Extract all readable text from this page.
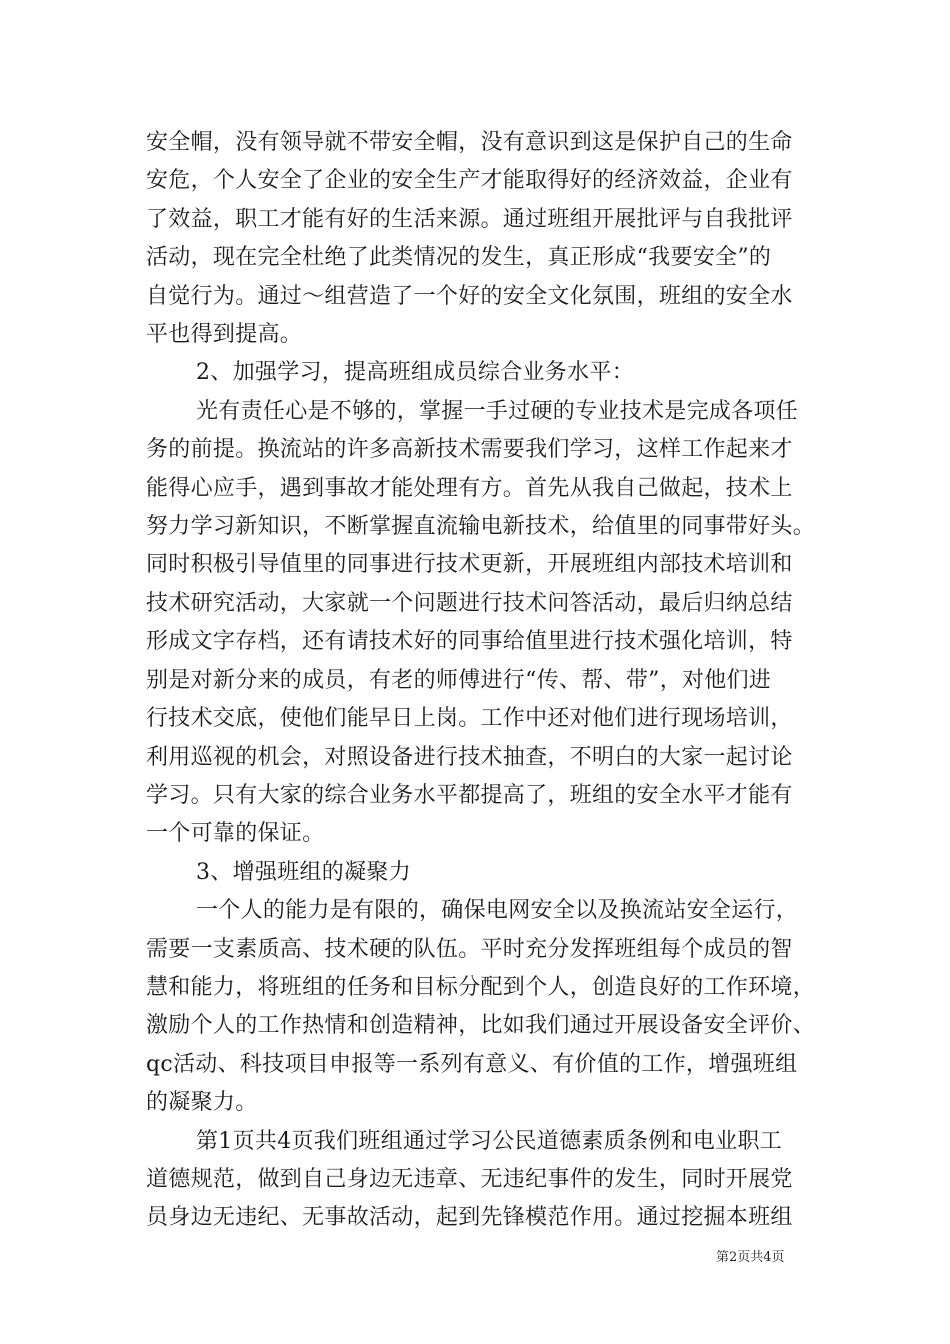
安全帽，没有领导就不带安全帽，没有意识到这是保护自己的生命
安危，个人安全了企业的安全生产才能取得好的经济效益，企业有
了效益，职工才能有好的生活来源。通过班组开展批评与自我批评
活动，现在完全杜绝了此类情况的发生，真正形成“我要安全”的
自觉行为。通过～组营造了一个好的安全文化氛围，班组的安全水
平也得到提高。

2、加强学习，提高班组成员综合业务水平：

光有责任心是不够的，掌握一手过硬的专业技术是完成各项任
务的前提。换流站的许多高新技术需要我们学习，这样工作起来才
能得心应手，遇到事故才能处理有方。首先从我自己做起，技术上
努力学习新知识，不断掌握直流输电新技术，给值里的同事带好头。
同时积极引导值里的同事进行技术更新，开展班组内部技术培训和
技术研究活动，大家就一个问题进行技术问答活动，最后归纳总结
形成文字存档，还有请技术好的同事给值里进行技术强化培训，特
别是对新分来的成员，有老的师傅进行“传、帮、带”，对他们进
行技术交底，使他们能早日上岗。工作中还对他们进行现场培训，
利用巡视的机会，对照设备进行技术抽查，不明白的大家一起讨论
学习。只有大家的综合业务水平都提高了，班组的安全水平才能有
一个可靠的保证。

3、增强班组的凝聚力

一个人的能力是有限的，确保电网安全以及换流站安全运行，
需要一支素质高、技术硬的队伍。平时充分发挥班组每个成员的智
慧和能力，将班组的任务和目标分配到个人，创造良好的工作环境，
激励个人的工作热情和创造精神，比如我们通过开展设备安全评价、
qc活动、科技项目申报等一系列有意义、有价值的工作，增强班组
的凝聚力。

第1页共4页我们班组通过学习公民道德素质条例和电业职工
道德规范，做到自己身边无违章、无违纪事件的发生，同时开展党
员身边无违纪、无事故活动，起到先锋模范作用。通过挖掘本班组

第2页共4页
